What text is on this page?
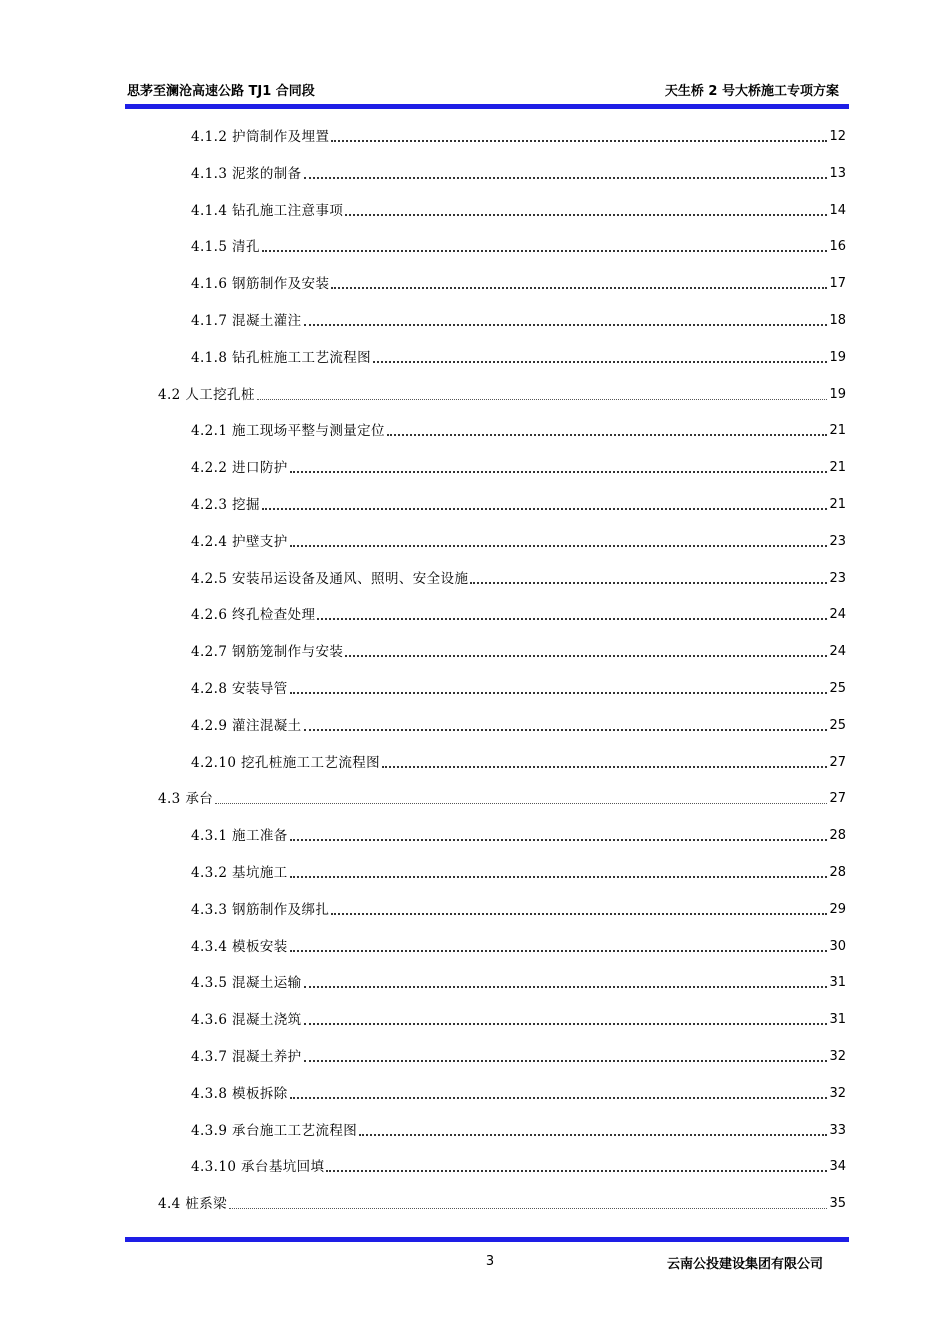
思茅至澜沧高速公路 TJ1 合同段	天生桥 2 号大桥施工专项方案
4.1.2 护筒制作及埋置	12
4.1.3 泥浆的制备	13
4.1.4 钻孔施工注意事项	14
4.1.5 清孔	16
4.1.6 钢筋制作及安装	17
4.1.7 混凝土灌注	18
4.1.8 钻孔桩施工工艺流程图	19
4.2 人工挖孔桩	19
4.2.1 施工现场平整与测量定位	21
4.2.2 进口防护	21
4.2.3 挖掘	21
4.2.4 护壁支护	23
4.2.5 安装吊运设备及通风、照明、安全设施	23
4.2.6 终孔检查处理	24
4.2.7 钢筋笼制作与安装	24
4.2.8 安装导管	25
4.2.9 灌注混凝土	25
4.2.10 挖孔桩施工工艺流程图	27
4.3 承台	27
4.3.1 施工准备	28
4.3.2 基坑施工	28
4.3.3 钢筋制作及绑扎	29
4.3.4 模板安装	30
4.3.5 混凝土运输	31
4.3.6 混凝土浇筑	31
4.3.7 混凝土养护	32
4.3.8 模板拆除	32
4.3.9 承台施工工艺流程图	33
4.3.10 承台基坑回填	34
4.4 桩系梁	35
3	云南公投建设集团有限公司
